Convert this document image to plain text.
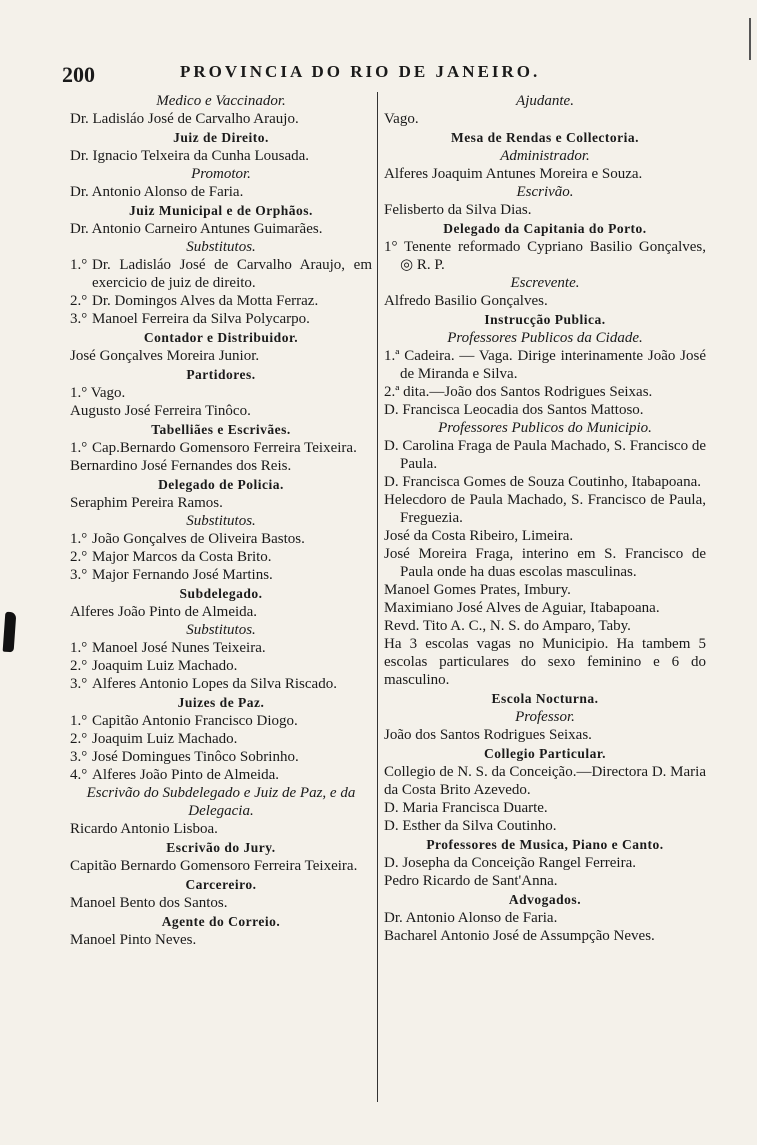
200	PROVINCIA DO RIO DE JANEIRO.
Medico e Vaccinador.
Dr. Ladisláo José de Carvalho Araujo.
Juiz de Direito.
Dr. Ignacio Telxeira da Cunha Lousada.
Promotor.
Dr. Antonio Alonso de Faria.
Juiz Municipal e de Orphãos.
Dr. Antonio Carneiro Antunes Guimarães.
Substitutos.
1.° Dr. Ladisláo José de Carvalho Araujo, em exercicio de juiz de direito.
2.° Dr. Domingos Alves da Motta Ferraz.
3.° Manoel Ferreira da Silva Polycarpo.
Contador e Distribuidor.
José Gonçalves Moreira Junior.
Partidores.
1.° Vago.
Augusto José Ferreira Tinôco.
Tabelliães e Escrivães.
1.° Cap.Bernardo Gomensoro Ferreira Teixeira.
Bernardino José Fernandes dos Reis.
Delegado de Policia.
Seraphim Pereira Ramos.
Substitutos.
1.° João Gonçalves de Oliveira Bastos.
2.° Major Marcos da Costa Brito.
3.° Major Fernando José Martins.
Subdelegado.
Alferes João Pinto de Almeida.
Substitutos.
1.° Manoel José Nunes Teixeira.
2.° Joaquim Luiz Machado.
3.° Alferes Antonio Lopes da Silva Riscado.
Juizes de Paz.
1.° Capitão Antonio Francisco Diogo.
2.° Joaquim Luiz Machado.
3.° José Domingues Tinôco Sobrinho.
4.° Alferes João Pinto de Almeida.
Escrivão do Subdelegado e Juiz de Paz, e da Delegacia.
Ricardo Antonio Lisboa.
Escrivão do Jury.
Capitão Bernardo Gomensoro Ferreira Teixeira.
Carcereiro.
Manoel Bento dos Santos.
Agente do Correio.
Manoel Pinto Neves.
Ajudante.
Vago.
Mesa de Rendas e Collectoria.
Administrador.
Alferes Joaquim Antunes Moreira e Souza.
Escrivão.
Felisberto da Silva Dias.
Delegado da Capitania do Porto.
1° Tenente reformado Cypriano Basilio Gonçalves, ◎ R. P.
Escrevente.
Alfredo Basilio Gonçalves.
Instrucção Publica.
Professores Publicos da Cidade.
1.ª Cadeira. — Vaga. Dirige interinamente João José de Miranda e Silva.
2.ª dita.—João dos Santos Rodrigues Seixas.
D. Francisca Leocadia dos Santos Mattoso.
Professores Publicos do Municipio.
D. Carolina Fraga de Paula Machado, S. Francisco de Paula.
D. Francisca Gomes de Souza Coutinho, Itabapoana.
Helecdoro de Paula Machado, S. Francisco de Paula, Freguezia.
José da Costa Ribeiro, Limeira.
José Moreira Fraga, interino em S. Francisco de Paula onde ha duas escolas masculinas.
Manoel Gomes Prates, Imbury.
Maximiano José Alves de Aguiar, Itabapoana.
Revd. Tito A. C., N. S. do Amparo, Taby.
Ha 3 escolas vagas no Municipio. Ha tambem 5 escolas particulares do sexo feminino e 6 do masculino.
Escola Nocturna.
Professor.
João dos Santos Rodrigues Seixas.
Collegio Particular.
Collegio de N. S. da Conceição.—Directora D. Maria da Costa Brito Azevedo.
D. Maria Francisca Duarte.
D. Esther da Silva Coutinho.
Professores de Musica, Piano e Canto.
D. Josepha da Conceição Rangel Ferreira.
Pedro Ricardo de Sant'Anna.
Advogados.
Dr. Antonio Alonso de Faria.
Bacharel Antonio José de Assumpção Neves.
